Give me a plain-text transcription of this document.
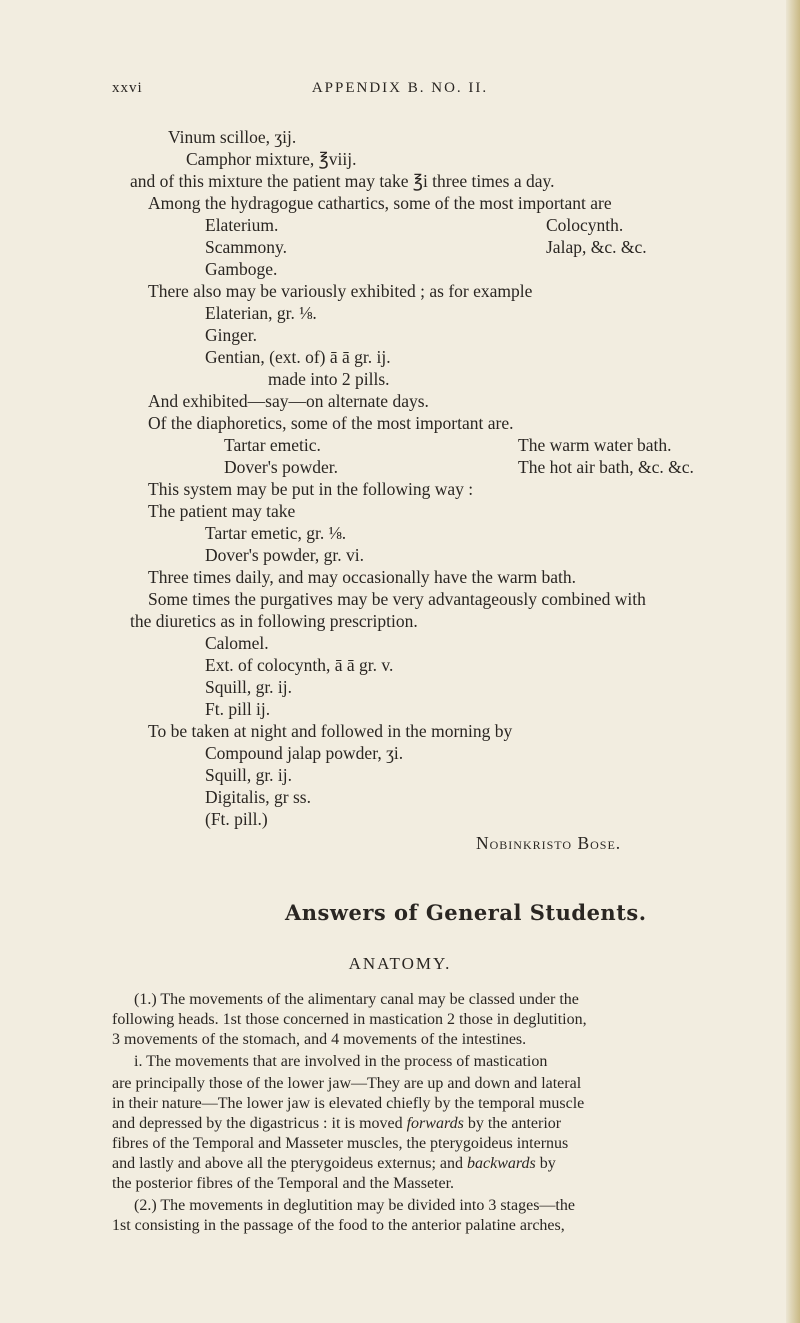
xxvi	APPENDIX B. NO. II.
Vinum scilloe, ʒij.
Camphor mixture, ℥viij.
and of this mixture the patient may take ℥i three times a day.
Among the hydragogue cathartics, some of the most important are
Elaterium.	Colocynth.
Scammony.	Jalap, &c. &c.
Gamboge.
There also may be variously exhibited ; as for example
Elaterian, gr. ⅛.
Ginger.
Gentian, (ext. of) ā ā gr. ij.
made into 2 pills.
And exhibited—say—on alternate days.
Of the diaphoretics, some of the most important are.
Tartar emetic.	The warm water bath.
Dover's powder.	The hot air bath, &c. &c.
This system may be put in the following way :
The patient may take
Tartar emetic, gr. ⅛.
Dover's powder, gr. vi.
Three times daily, and may occasionally have the warm bath.
Some times the purgatives may be very advantageously combined with
the diuretics as in following prescription.
Calomel.
Ext. of colocynth, ā ā gr. v.
Squill, gr. ij.
Ft. pill ij.
To be taken at night and followed in the morning by
Compound jalap powder, ʒi.
Squill, gr. ij.
Digitalis, gr ss.
(Ft. pill.)
Nobinkristo Bose.
Answers of General Students.
ANATOMY.
(1.) The movements of the alimentary canal may be classed under the
following heads. 1st those concerned in mastication 2 those in deglutition,
3 movements of the stomach, and 4 movements of the intestines.
i. The movements that are involved in the process of mastication
are principally those of the lower jaw—They are up and down and lateral
in their nature—The lower jaw is elevated chiefly by the temporal muscle
and depressed by the digastricus : it is moved forwards by the anterior
fibres of the Temporal and Masseter muscles, the pterygoideus internus
and lastly and above all the pterygoideus externus; and backwards by
the posterior fibres of the Temporal and the Masseter.
(2.) The movements in deglutition may be divided into 3 stages—the
1st consisting in the passage of the food to the anterior palatine arches,
